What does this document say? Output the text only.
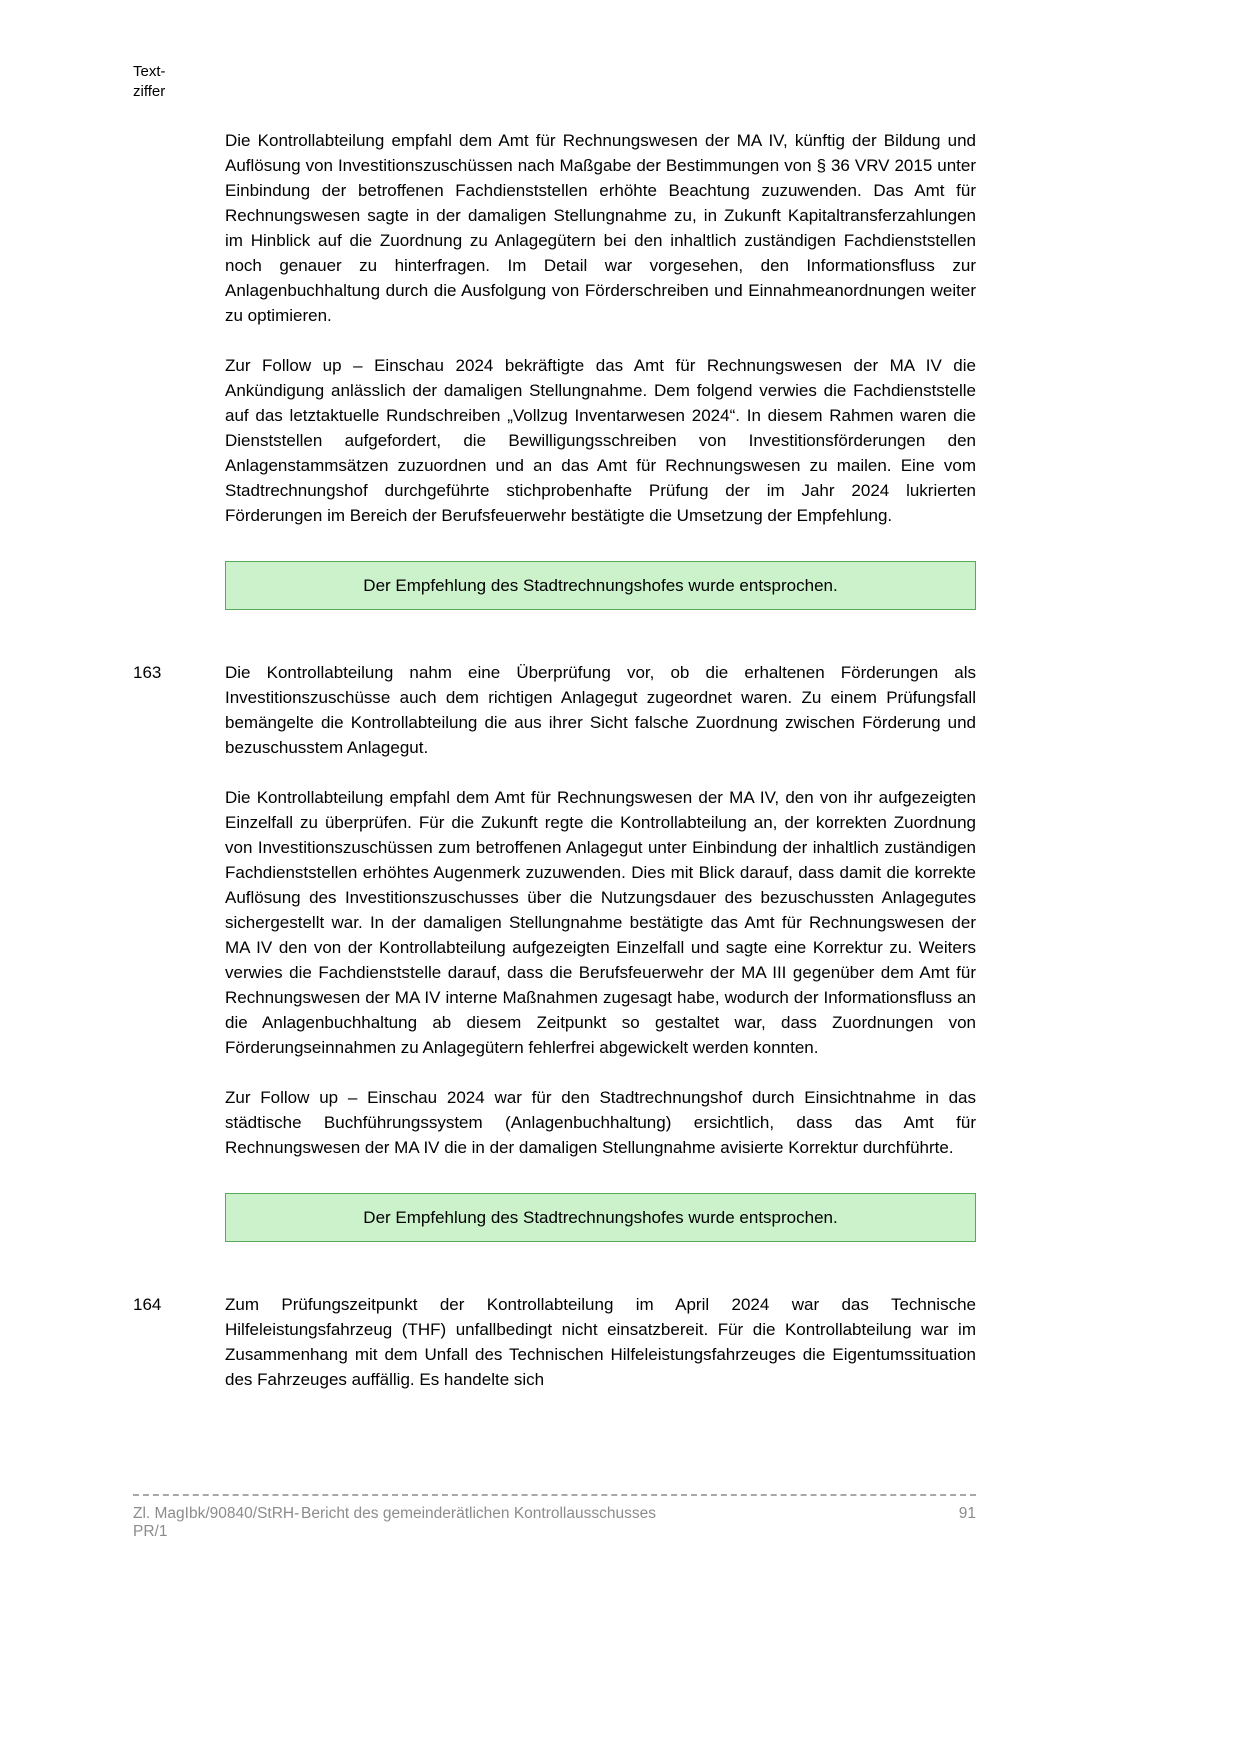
Text-
ziffer

Die Kontrollabteilung empfahl dem Amt für Rechnungswesen der MA IV, künftig der Bildung und Auflösung von Investitionszuschüssen nach Maßgabe der Bestimmungen von § 36 VRV 2015 unter Einbindung der betroffenen Fachdienststellen erhöhte Beachtung zuzuwenden. Das Amt für Rechnungswesen sagte in der damaligen Stellungnahme zu, in Zukunft Kapitaltransferzahlungen im Hinblick auf die Zuordnung zu Anlagegütern bei den inhaltlich zuständigen Fachdienststellen noch genauer zu hinterfragen. Im Detail war vorgesehen, den Informationsfluss zur Anlagenbuchhaltung durch die Ausfolgung von Förderschreiben und Einnahmeanordnungen weiter zu optimieren.

Zur Follow up – Einschau 2024 bekräftigte das Amt für Rechnungswesen der MA IV die Ankündigung anlässlich der damaligen Stellungnahme. Dem folgend verwies die Fachdienststelle auf das letztaktuelle Rundschreiben „Vollzug Inventarwesen 2024“. In diesem Rahmen waren die Dienststellen aufgefordert, die Bewilligungsschreiben von Investitionsförderungen den Anlagenstammsätzen zuzuordnen und an das Amt für Rechnungswesen zu mailen. Eine vom Stadtrechnungshof durchgeführte stichprobenhafte Prüfung der im Jahr 2024 lukrierten Förderungen im Bereich der Berufsfeuerwehr bestätigte die Umsetzung der Empfehlung.

Der Empfehlung des Stadtrechnungshofes wurde entsprochen.
163	Die Kontrollabteilung nahm eine Überprüfung vor, ob die erhaltenen Förderungen als Investitionszuschüsse auch dem richtigen Anlagegut zugeordnet waren. Zu einem Prüfungsfall bemängelte die Kontrollabteilung die aus ihrer Sicht falsche Zuordnung zwischen Förderung und bezuschusstem Anlagegut.

Die Kontrollabteilung empfahl dem Amt für Rechnungswesen der MA IV, den von ihr aufgezeigten Einzelfall zu überprüfen. Für die Zukunft regte die Kontrollabteilung an, der korrekten Zuordnung von Investitionszuschüssen zum betroffenen Anlagegut unter Einbindung der inhaltlich zuständigen Fachdienststellen erhöhtes Augenmerk zuzuwenden. Dies mit Blick darauf, dass damit die korrekte Auflösung des Investitionszuschusses über die Nutzungsdauer des bezuschussten Anlagegutes sichergestellt war. In der damaligen Stellungnahme bestätigte das Amt für Rechnungswesen der MA IV den von der Kontrollabteilung aufgezeigten Einzelfall und sagte eine Korrektur zu. Weiters verwies die Fachdienststelle darauf, dass die Berufsfeuerwehr der MA III gegenüber dem Amt für Rechnungswesen der MA IV interne Maßnahmen zugesagt habe, wodurch der Informationsfluss an die Anlagenbuchhaltung ab diesem Zeitpunkt so gestaltet war, dass Zuordnungen von Förderungseinnahmen zu Anlagegütern fehlerfrei abgewickelt werden konnten.

Zur Follow up – Einschau 2024 war für den Stadtrechnungshof durch Einsichtnahme in das städtische Buchführungssystem (Anlagenbuchhaltung) ersichtlich, dass das Amt für Rechnungswesen der MA IV die in der damaligen Stellungnahme avisierte Korrektur durchführte.

Der Empfehlung des Stadtrechnungshofes wurde entsprochen.
164	Zum Prüfungszeitpunkt der Kontrollabteilung im April 2024 war das Technische Hilfeleistungsfahrzeug (THF) unfallbedingt nicht einsatzbereit. Für die Kontrollabteilung war im Zusammenhang mit dem Unfall des Technischen Hilfeleistungsfahrzeuges die Eigentumssituation des Fahrzeuges auffällig. Es handelte sich

Zl. MagIbk/90840/StRH-PR/1
Bericht des gemeinderätlichen Kontrollausschusses	91
